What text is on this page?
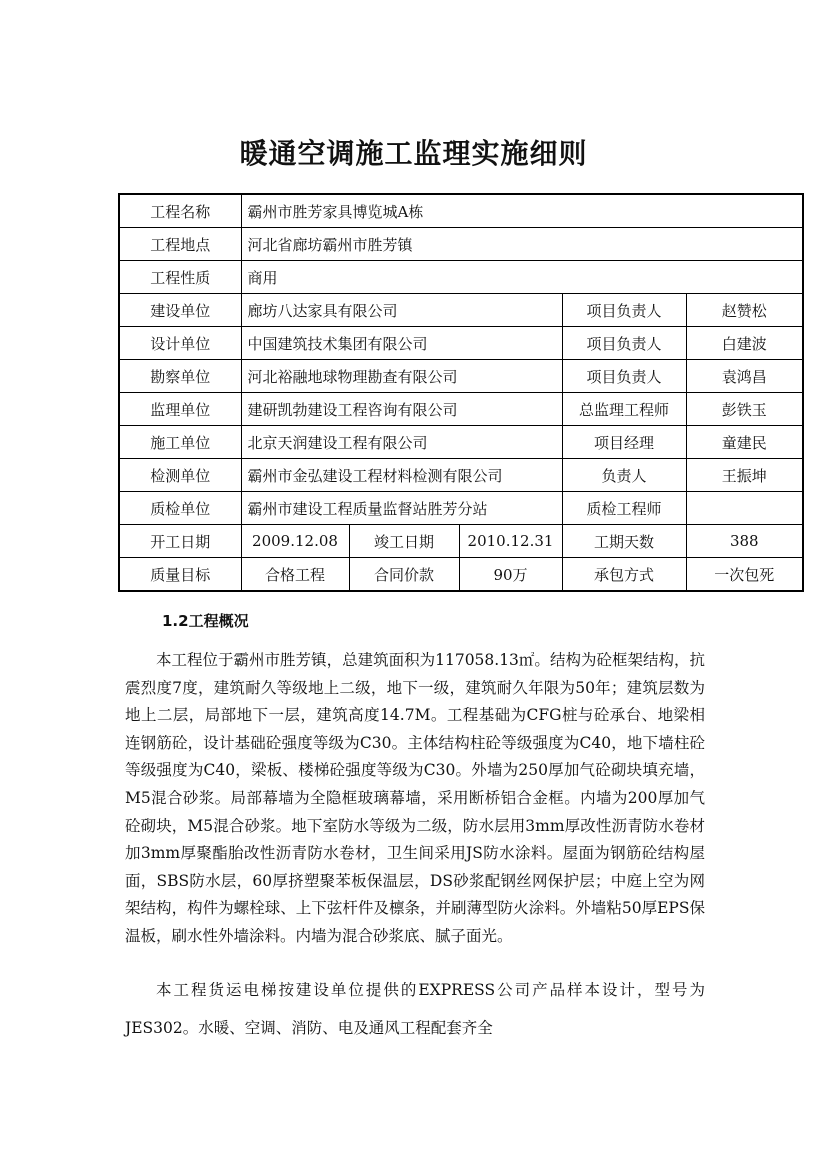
暖通空调施工监理实施细则
工程名称	霸州市胜芳家具博览城A栋				
工程地点	河北省廊坊霸州市胜芳镇				
工程性质	商用				
建设单位	廊坊八达家具有限公司			项目负责人	赵赞松
设计单位	中国建筑技术集团有限公司			项目负责人	白建波
勘察单位	河北裕融地球物理勘查有限公司			项目负责人	袁鸿昌
监理单位	建研凯勃建设工程咨询有限公司			总监理工程师	彭铁玉
施工单位	北京天润建设工程有限公司			项目经理	童建民
检测单位	霸州市金弘建设工程材料检测有限公司			负责人	王振坤
质检单位	霸州市建设工程质量监督站胜芳分站			质检工程师	
开工日期	2009.12.08	竣工日期	2010.12.31	工期天数	388
质量目标	合格工程	合同价款	90万	承包方式	一次包死
1.2工程概况

本工程位于霸州市胜芳镇，总建筑面积为117058.13㎡。结构为砼框架结构，抗震烈度7度，建筑耐久等级地上二级，地下一级，建筑耐久年限为50年；建筑层数为地上二层，局部地下一层，建筑高度14.7M。工程基础为CFG桩与砼承台、地梁相连钢筋砼，设计基础砼强度等级为C30。主体结构柱砼等级强度为C40，地下墙柱砼等级强度为C40，梁板、楼梯砼强度等级为C30。外墙为250厚加气砼砌块填充墙，M5混合砂浆。局部幕墙为全隐框玻璃幕墙，采用断桥铝合金框。内墙为200厚加气砼砌块，M5混合砂浆。地下室防水等级为二级，防水层用3mm厚改性沥青防水卷材加3mm厚聚酯胎改性沥青防水卷材，卫生间采用JS防水涂料。屋面为钢筋砼结构屋面，SBS防水层，60厚挤塑聚苯板保温层，DS砂浆配钢丝网保护层；中庭上空为网架结构，构件为螺栓球、上下弦杆件及檩条，并刷薄型防火涂料。外墙粘50厚EPS保温板，刷水性外墙涂料。内墙为混合砂浆底、腻子面光。

本工程货运电梯按建设单位提供的EXPRESS公司产品样本设计，型号为JES302。水暖、空调、消防、电及通风工程配套齐全
